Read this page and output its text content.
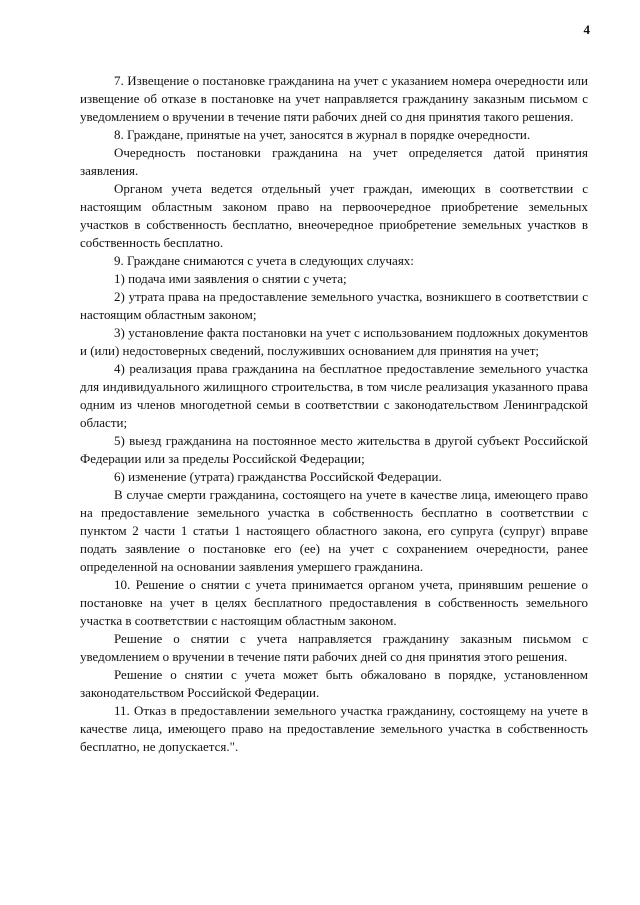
4

7. Извещение о постановке гражданина на учет с указанием номера очередности или извещение об отказе в постановке на учет направляется гражданину заказным письмом с уведомлением о вручении в течение пяти рабочих дней со дня принятия такого решения.

8. Граждане, принятые на учет, заносятся в журнал в порядке очередности.

Очередность постановки гражданина на учет определяется датой принятия заявления.

Органом учета ведется отдельный учет граждан, имеющих в соответствии с настоящим областным законом право на первоочередное приобретение земельных участков в собственность бесплатно, внеочередное приобретение земельных участков в собственность бесплатно.

9. Граждане снимаются с учета в следующих случаях:

1) подача ими заявления о снятии с учета;

2) утрата права на предоставление земельного участка, возникшего в соответствии с настоящим областным законом;

3) установление факта постановки на учет с использованием подложных документов и (или) недостоверных сведений, послуживших основанием для принятия на учет;

4) реализация права гражданина на бесплатное предоставление земельного участка для индивидуального жилищного строительства, в том числе реализация указанного права одним из членов многодетной семьи в соответствии с законодательством Ленинградской области;

5) выезд гражданина на постоянное место жительства в другой субъект Российской Федерации или за пределы Российской Федерации;

6) изменение (утрата) гражданства Российской Федерации.

В случае смерти гражданина, состоящего на учете в качестве лица, имеющего право на предоставление земельного участка в собственность бесплатно в соответствии с пунктом 2 части 1 статьи 1 настоящего областного закона, его супруга (супруг) вправе подать заявление о постановке его (ее) на учет с сохранением очередности, ранее определенной на основании заявления умершего гражданина.

10. Решение о снятии с учета принимается органом учета, принявшим решение о постановке на учет в целях бесплатного предоставления в собственность земельного участка в соответствии с настоящим областным законом.

Решение о снятии с учета направляется гражданину заказным письмом с уведомлением о вручении в течение пяти рабочих дней со дня принятия этого решения.

Решение о снятии с учета может быть обжаловано в порядке, установленном законодательством Российской Федерации.

11. Отказ в предоставлении земельного участка гражданину, состоящему на учете в качестве лица, имеющего право на предоставление земельного участка в собственность бесплатно, не допускается.".
